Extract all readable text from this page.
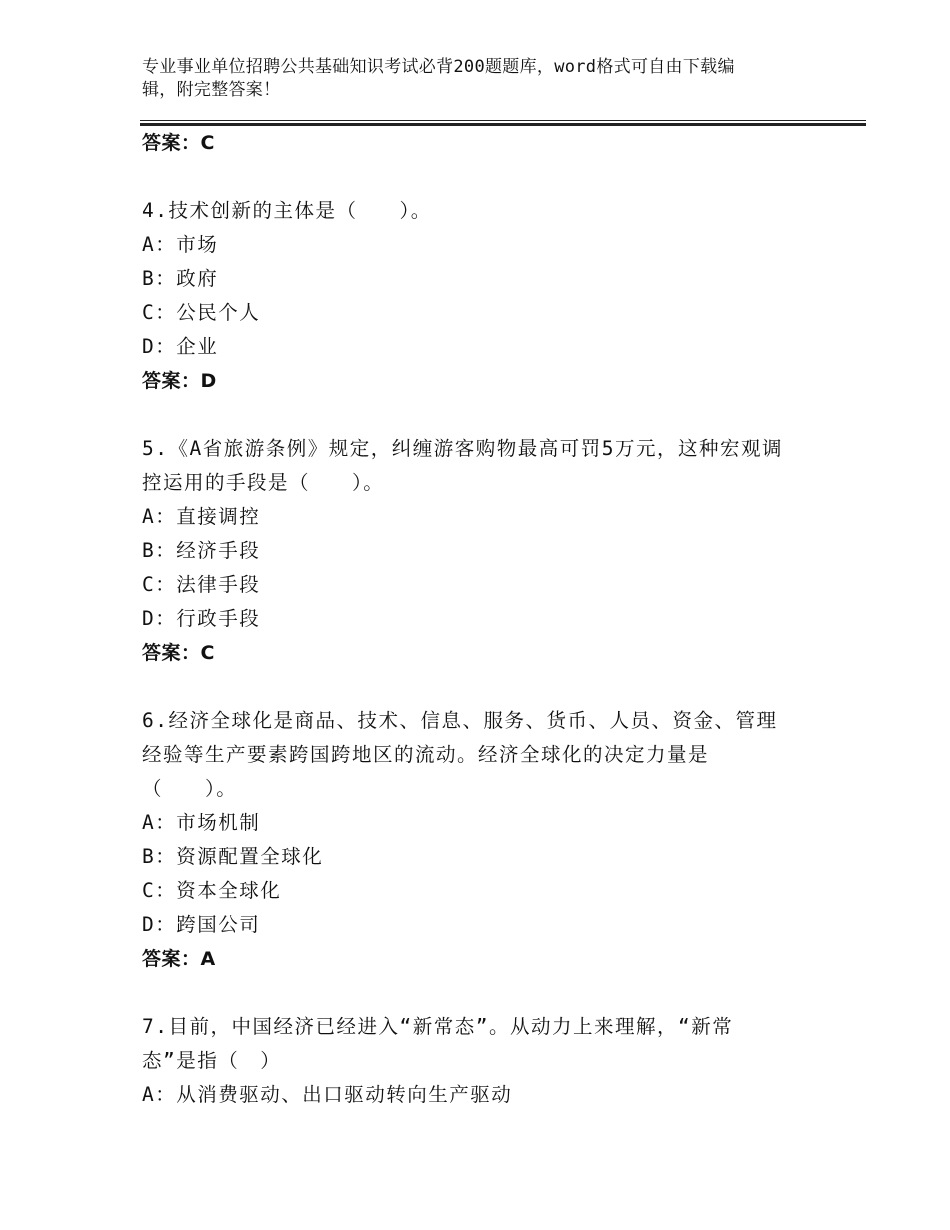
专业事业单位招聘公共基础知识考试必背200题题库，word格式可自由下载编
辑，附完整答案！
答案：C
4.技术创新的主体是（　　）。
A：市场
B：政府
C：公民个人
D：企业
答案：D
5.《A省旅游条例》规定，纠缠游客购物最高可罚5万元，这种宏观调
控运用的手段是（　　）。
A：直接调控
B：经济手段
C：法律手段
D：行政手段
答案：C
6.经济全球化是商品、技术、信息、服务、货币、人员、资金、管理
经验等生产要素跨国跨地区的流动。经济全球化的决定力量是
（　　）。
A：市场机制
B：资源配置全球化
C：资本全球化
D：跨国公司
答案：A
7.目前，中国经济已经进入“新常态”。从动力上来理解，“新常
态”是指（　）
A：从消费驱动、出口驱动转向生产驱动
